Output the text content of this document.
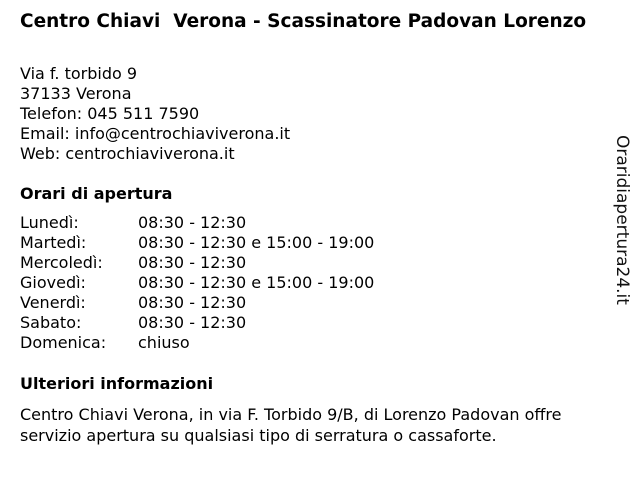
Centro Chiavi  Verona - Scassinatore Padovan Lorenzo
Via f. torbido 9
37133 Verona
Telefon: 045 511 7590
Email: info@centrochiaviverona.it
Web: centrochiaviverona.it
Orari di apertura
Lunedì:	08:30 - 12:30
Martedì:	08:30 - 12:30 e 15:00 - 19:00
Mercoledì:	08:30 - 12:30
Giovedì:	08:30 - 12:30 e 15:00 - 19:00
Venerdì:	08:30 - 12:30
Sabato:	08:30 - 12:30
Domenica:	chiuso
Ulteriori informazioni

Centro Chiavi Verona, in via F. Torbido 9/B, di Lorenzo Padovan offre servizio apertura su qualsiasi tipo di serratura o cassaforte.

Oraridiapertura24.it
